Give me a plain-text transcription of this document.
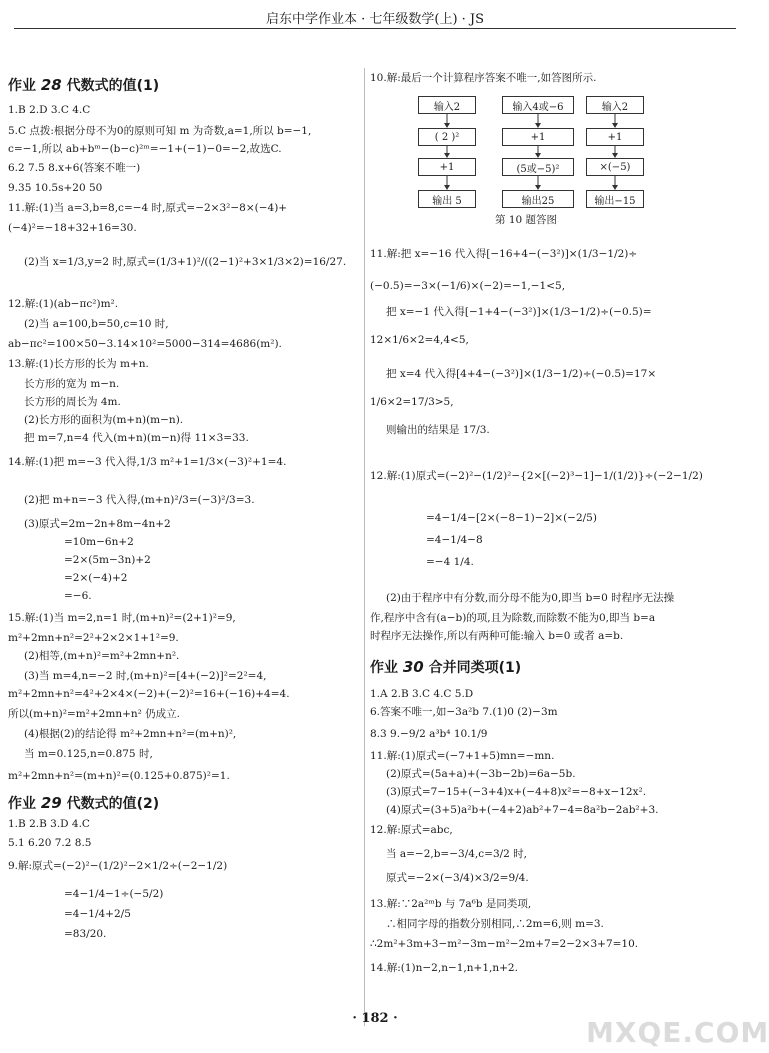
启东中学作业本 · 七年级数学(上) · JS
作业 28 代数式的值(1)
1.B 2.D 3.C 4.C
5.C 点拨:根据分母不为0的原则可知 m 为奇数,a=1,所以 b=−1,
c=−1,所以 ab+bᵐ−(b−c)²ᵐ=−1+(−1)−0=−2,故选C.
6.2 7.5 8.x+6(答案不唯一)
9.35 10.5s+20 50
11.解:(1)当 a=3,b=8,c=−4 时,原式=−2×3²−8×(−4)+
(−4)²=−18+32+16=30.
(2)当 x=1/3,y=2 时,原式=(1/3+1)²/((2−1)²+3×1/3×2)=16/27.
12.解:(1)(ab−πc²)m².
(2)当 a=100,b=50,c=10 时,
ab−πc²=100×50−3.14×10²=5000−314=4686(m²).
13.解:(1)长方形的长为 m+n.
长方形的宽为 m−n.
长方形的周长为 4m.
(2)长方形的面积为(m+n)(m−n).
把 m=7,n=4 代入(m+n)(m−n)得 11×3=33.
14.解:(1)把 m=−3 代入得,1/3 m²+1=1/3×(−3)²+1=4.
(2)把 m+n=−3 代入得,(m+n)²/3=(−3)²/3=3.
(3)原式=2m−2n+8m−4n+2
=10m−6n+2
=2×(5m−3n)+2
=2×(−4)+2
=−6.
15.解:(1)当 m=2,n=1 时,(m+n)²=(2+1)²=9,
m²+2mn+n²=2²+2×2×1+1²=9.
(2)相等,(m+n)²=m²+2mn+n².
(3)当 m=4,n=−2 时,(m+n)²=[4+(−2)]²=2²=4,
m²+2mn+n²=4²+2×4×(−2)+(−2)²=16+(−16)+4=4.
所以(m+n)²=m²+2mn+n² 仍成立.
(4)根据(2)的结论得 m²+2mn+n²=(m+n)²,
当 m=0.125,n=0.875 时,
m²+2mn+n²=(m+n)²=(0.125+0.875)²=1.
作业 29 代数式的值(2)
1.B 2.B 3.D 4.C
5.1 6.20 7.2 8.5
9.解:原式=(−2)²−(1/2)²−2×1/2÷(−2−1/2)
=4−1/4−1÷(−5/2)
=4−1/4+2/5
=83/20.
10.解:最后一个计算程序答案不唯一,如答图所示.
11.解:把 x=−16 代入得[−16+4−(−3²)]×(1/3−1/2)÷
(−0.5)=−3×(−1/6)×(−2)=−1,−1<5,
把 x=−1 代入得[−1+4−(−3²)]×(1/3−1/2)÷(−0.5)=
12×1/6×2=4,4<5,
把 x=4 代入得[4+4−(−3²)]×(1/3−1/2)÷(−0.5)=17×
1/6×2=17/3>5,
则输出的结果是 17/3.
12.解:(1)原式=(−2)²−(1/2)²−{2×[(−2)³−1]−1/(1/2)}÷(−2−1/2)
=4−1/4−[2×(−8−1)−2]×(−2/5)
=4−1/4−8
=−4 1/4.
(2)由于程序中有分数,而分母不能为0,即当 b=0 时程序无法操
作,程序中含有(a−b)的项,且为除数,而除数不能为0,即当 b=a
时程序无法操作,所以有两种可能:输入 b=0 或者 a=b.
作业 30 合并同类项(1)
1.A 2.B 3.C 4.C 5.D
6.答案不唯一,如−3a²b 7.(1)0 (2)−3m
8.3 9.−9/2 a³b⁴ 10.1/9
11.解:(1)原式=(−7+1+5)mn=−mn.
(2)原式=(5a+a)+(−3b−2b)=6a−5b.
(3)原式=7−15+(−3+4)x+(−4+8)x²=−8+x−12x².
(4)原式=(3+5)a²b+(−4+2)ab²+7−4=8a²b−2ab²+3.
12.解:原式=abc,
当 a=−2,b=−3/4,c=3/2 时,
原式=−2×(−3/4)×3/2=9/4.
13.解:∵2a²ᵐb 与 7a⁶b 是同类项,
∴相同字母的指数分别相同,∴2m=6,则 m=3.
∴2m²+3m+3−m²−3m−m²−2m+7=2−2×3+7=10.
14.解:(1)n−2,n−1,n+1,n+2.
输入2
( 2 )²
+1
输出 5
输入4或−6
+1
(5或−5)²
输出25
输入2
+1
×(−5)
输出−15
第 10 题答图
· 182 ·	MXQE.COM
